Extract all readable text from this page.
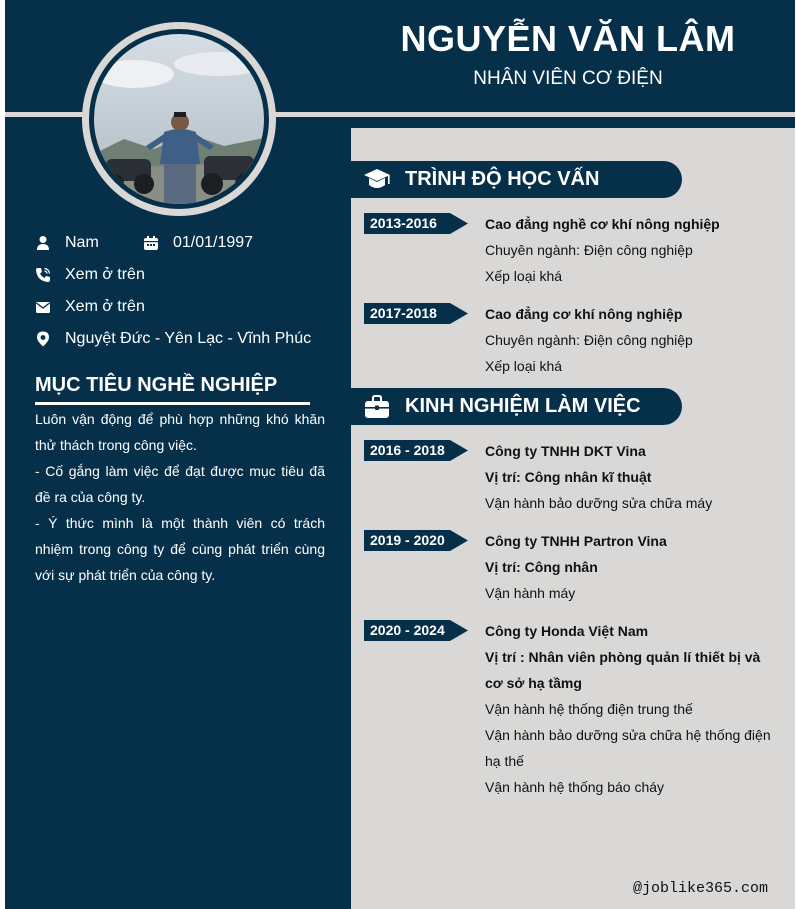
NGUYỄN VĂN LÂM
NHÂN VIÊN CƠ ĐIỆN
Nam	01/01/1997
Xem ở trên
Xem ở trên
Nguyệt Đức - Yên Lạc - Vĩnh Phúc
MỤC TIÊU NGHỀ NGHIỆP

Luôn vận động để phù hợp những khó khăn thử thách trong công việc.

- Cố gắng làm việc để đạt được mục tiêu đã đề ra của công ty.

- Ý thức mình là một thành viên có trách nhiệm trong công ty để cùng phát triển cùng với sự phát triển của công ty.

TRÌNH ĐỘ HỌC VẤN
2013-2016	Cao đẳng nghề cơ khí nông nghiệp
Chuyên ngành: Điện công nghiệp
Xếp loại khá
2017-2018	Cao đẳng cơ khí nông nghiệp
Chuyên ngành: Điện công nghiệp
Xếp loại khá
KINH NGHIỆM LÀM VIỆC
2016 - 2018	Công ty TNHH DKT Vina
Vị trí: Công nhân kĩ thuật
Vận hành bảo dưỡng sửa chữa máy
2019 - 2020	Công ty TNHH Partron Vina
Vị trí: Công nhân
Vận hành máy
2020 - 2024	Công ty Honda Việt Nam
Vị trí : Nhân viên phòng quản lí thiết bị và cơ sở hạ tầmg
Vận hành hệ thống điện trung thế
Vận hành bảo dưỡng sửa chữa hệ thống điện hạ thế
Vận hành hệ thống báo cháy
@joblike365.com
